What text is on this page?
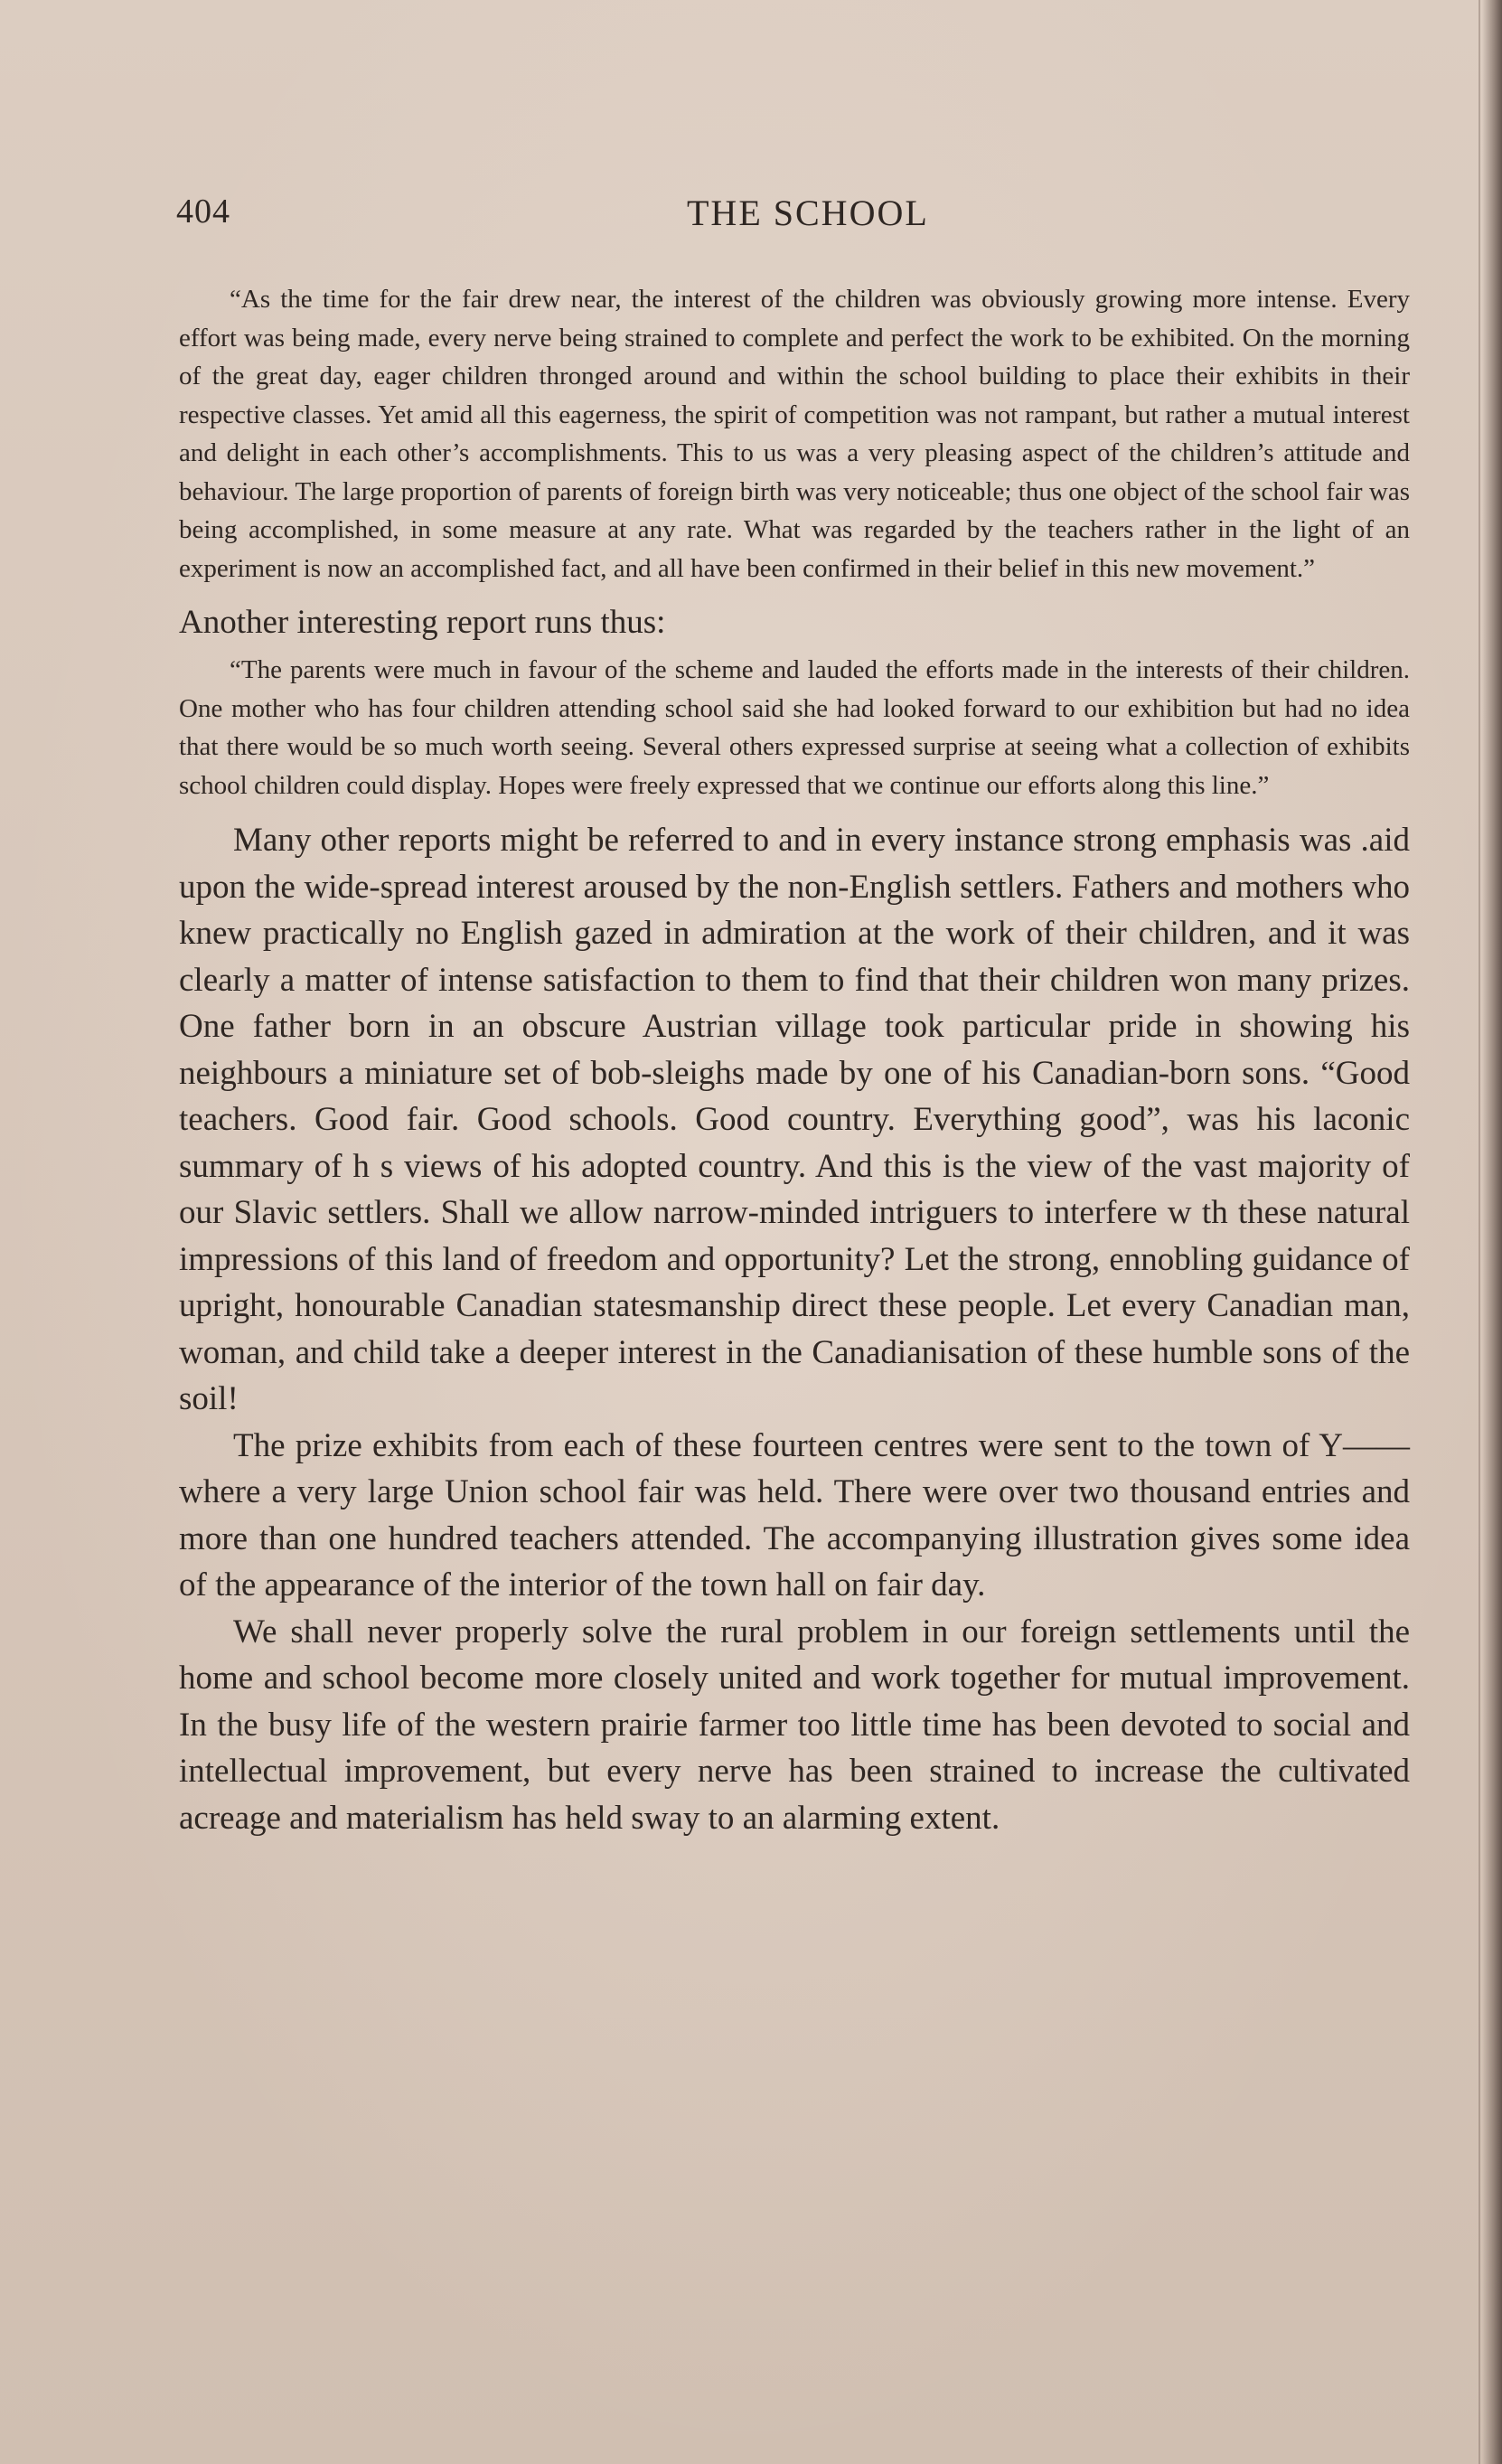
404	THE SCHOOL

“As the time for the fair drew near, the interest of the children was obviously growing more intense. Every effort was being made, every nerve being strained to complete and perfect the work to be exhibited. On the morning of the great day, eager children thronged around and within the school building to place their exhibits in their respective classes. Yet amid all this eagerness, the spirit of competition was not rampant, but rather a mutual interest and delight in each other’s accomplishments. This to us was a very pleasing aspect of the children’s attitude and behaviour. The large proportion of parents of foreign birth was very noticeable; thus one object of the school fair was being accomplished, in some measure at any rate. What was regarded by the teachers rather in the light of an experiment is now an accomplished fact, and all have been confirmed in their belief in this new movement.”

Another interesting report runs thus:

“The parents were much in favour of the scheme and lauded the efforts made in the interests of their children. One mother who has four children attending school said she had looked forward to our exhibition but had no idea that there would be so much worth seeing. Several others expressed surprise at seeing what a collection of exhibits school children could display. Hopes were freely expressed that we continue our efforts along this line.”

Many other reports might be referred to and in every instance strong emphasis was .aid upon the wide-spread interest aroused by the non-English settlers. Fathers and mothers who knew practically no English gazed in admiration at the work of their children, and it was clearly a matter of intense satisfaction to them to find that their children won many prizes. One father born in an obscure Austrian village took particular pride in showing his neighbours a miniature set of bob-sleighs made by one of his Canadian-born sons. “Good teachers. Good fair. Good schools. Good country. Everything good”, was his laconic summary of h s views of his adopted country. And this is the view of the vast majority of our Slavic settlers. Shall we allow narrow-minded intriguers to interfere w th these natural impressions of this land of freedom and opportunity? Let the strong, ennobling guidance of upright, honourable Canadian statesmanship direct these people. Let every Canadian man, woman, and child take a deeper interest in the Canadianisation of these humble sons of the soil!

The prize exhibits from each of these fourteen centres were sent to the town of Y—— where a very large Union school fair was held. There were over two thousand entries and more than one hundred teachers attended. The accompanying illustration gives some idea of the appearance of the interior of the town hall on fair day.

We shall never properly solve the rural problem in our foreign settlements until the home and school become more closely united and work together for mutual improvement. In the busy life of the western prairie farmer too little time has been devoted to social and intellectual improvement, but every nerve has been strained to increase the cultivated acreage and materialism has held sway to an alarming extent.
